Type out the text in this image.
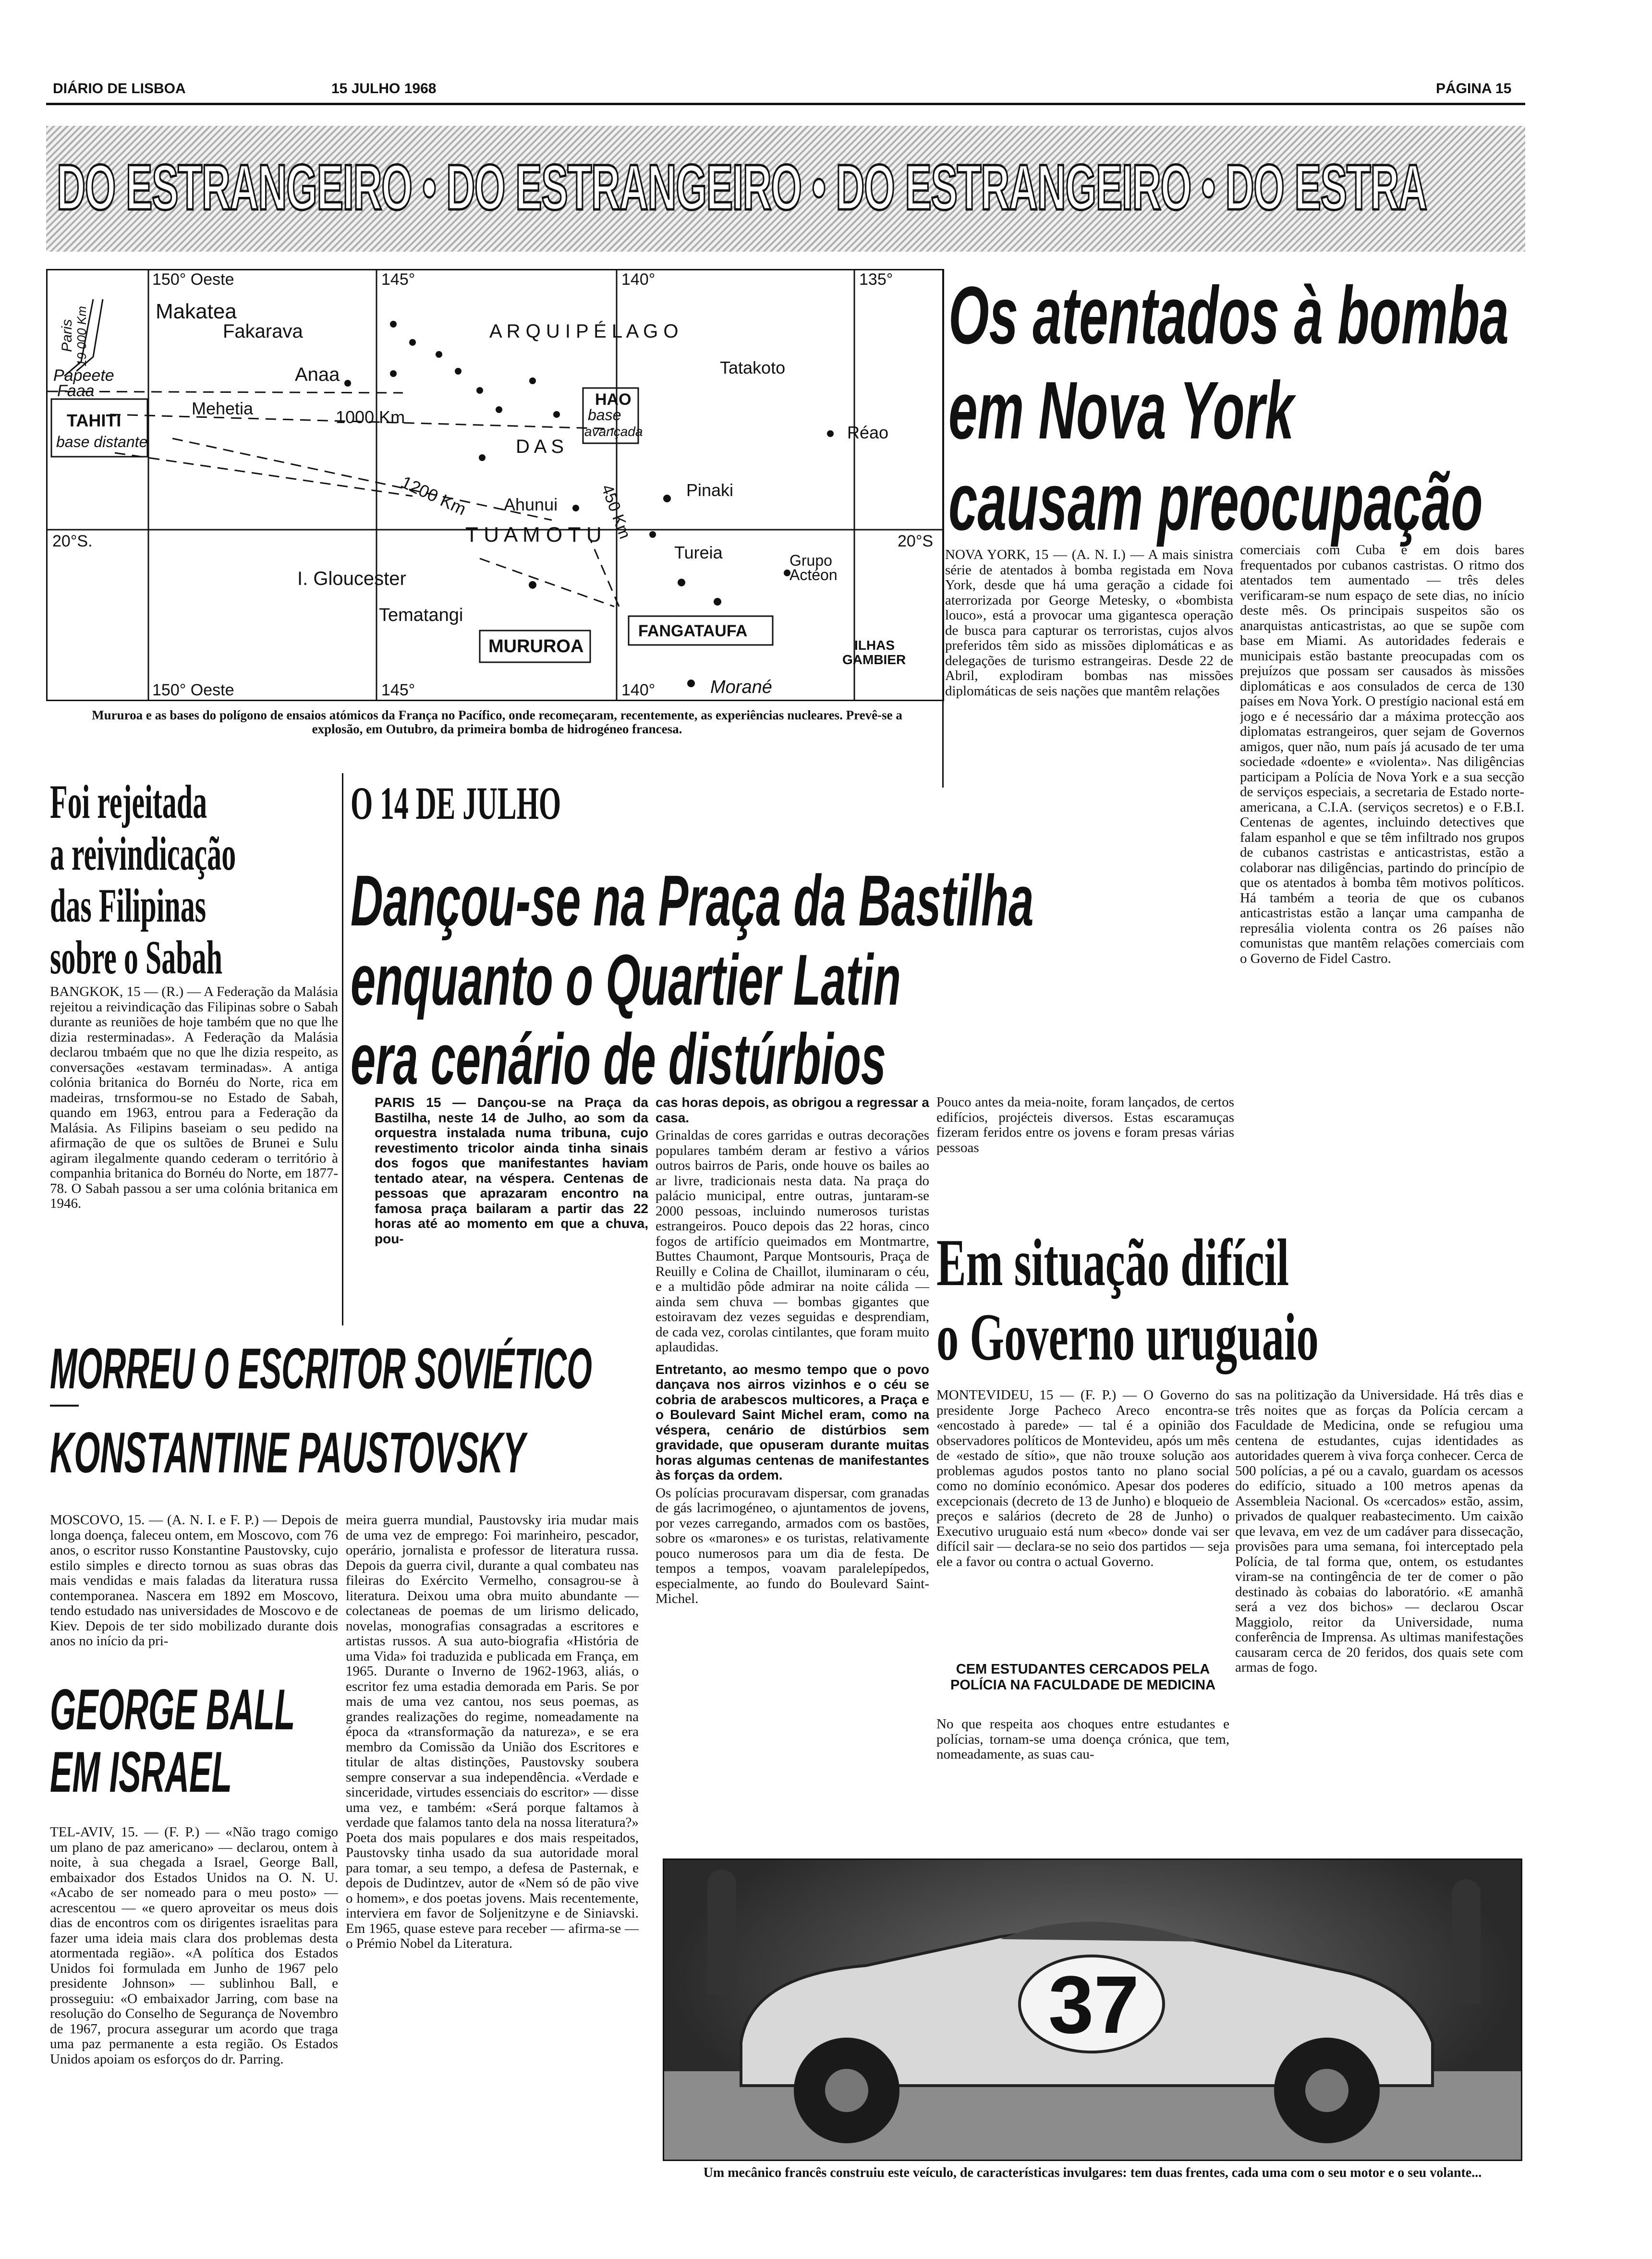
DIÁRIO DE LISBOA	15 JULHO 1968	PÁGINA 15
DO ESTRANGEIRO • DO ESTRANGEIRO • DO ESTRANGEIRO • DO ESTRA
150° Oeste	145°	140°	135°
20°S.	20°S
150° Oeste	145°	140°
Makatea
Fakarava
Anaa
Mehetia
Papeete
Faaa
TAHITI
base distante
1000 Km
1200 Km	450 Km
A R Q U I P É L A G O
Tatakoto
HAO
base
avançada
D A S
Réao
Ahunui
Pinaki
T U A M O T U
Tureia
I. Gloucester
Grupo
Actéon
Tematangi
MURUROA
FANGATAUFA
ILHAS
GAMBIER
Morané
Paris 19 000 Km
Mururoa e as bases do polígono de ensaios atómicos da França no Pacífico, onde recomeçaram, recentemente, as experiências nucleares. Prevê-se a explosão, em Outubro, da primeira bomba de hidrogéneo francesa.
Os atentados à bomba
em Nova York
causam preocupação
NOVA YORK, 15 — (A. N. I.) — A mais sinistra série de atentados à bomba registada em Nova York, desde que há uma geração a cidade foi aterrorizada por George Metesky, o «bombista louco», está a provocar uma gigantesca operação de busca para capturar os terroristas, cujos alvos preferidos têm sido as missões diplomáticas e as delegações de turismo estrangeiras. Desde 22 de Abril, explodiram bombas nas missões diplomáticas de seis nações que mantêm relações
comerciais com Cuba e em dois bares frequentados por cubanos castristas. O ritmo dos atentados tem aumentado — três deles verificaram-se num espaço de sete dias, no início deste mês. Os principais suspeitos são os anarquistas anticastristas, ao que se supõe com base em Miami. As autoridades federais e municipais estão bastante preocupadas com os prejuízos que possam ser causados às missões diplomáticas e aos consulados de cerca de 130 países em Nova York. O prestígio nacional está em jogo e é necessário dar a máxima protecção aos diplomatas estrangeiros, quer sejam de Governos amigos, quer não, num país já acusado de ter uma sociedade «doente» e «violenta». Nas diligências participam a Polícia de Nova York e a sua secção de serviços especiais, a secretaria de Estado norte-americana, a C.I.A. (serviços secretos) e o F.B.I. Centenas de agentes, incluindo detectives que falam espanhol e que se têm infiltrado nos grupos de cubanos castristas e anticastristas, estão a colaborar nas diligências, partindo do princípio de que os atentados à bomba têm motivos políticos. Há também a teoria de que os cubanos anticastristas estão a lançar uma campanha de represália violenta contra os 26 países não comunistas que mantêm relações comerciais com o Governo de Fidel Castro.
Foi rejeitada
a reivindicação
das Filipinas
sobre o Sabah
BANGKOK, 15 — (R.) — A Federação da Malásia rejeitou a reivindicação das Filipinas sobre o Sabah durante as reuniões de hoje também que no que lhe dizia resterminadas». A Federação da Malásia declarou tmbaém que no que lhe dizia respeito, as conversações «estavam terminadas». A antiga colónia britanica do Bornéu do Norte, rica em madeiras, trnsformou-se no Estado de Sabah, quando em 1963, entrou para a Federação da Malásia. As Filipins baseiam o seu pedido na afirmação de que os sultões de Brunei e Sulu agiram ilegalmente quando cederam o território à companhia britanica do Bornéu do Norte, em 1877-78. O Sabah passou a ser uma colónia britanica em 1946.
O 14 DE JULHO
Dançou-se na Praça da Bastilha
enquanto o Quartier Latin
era cenário de distúrbios
PARIS 15 — Dançou-se na Praça da Bastilha, neste 14 de Julho, ao som da orquestra instalada numa tribuna, cujo revestimento tricolor ainda tinha sinais dos fogos que manifestantes haviam tentado atear, na véspera. Centenas de pessoas que aprazaram encontro na famosa praça bailaram a partir das 22 horas até ao momento em que a chuva, pou-
cas horas depois, as obrigou a regressar a casa.
Grinaldas de cores garridas e outras decorações populares também deram ar festivo a vários outros bairros de Paris, onde houve os bailes ao ar livre, tradicionais nesta data. Na praça do palácio municipal, entre outras, juntaram-se 2000 pessoas, incluindo numerosos turistas estrangeiros. Pouco depois das 22 horas, cinco fogos de artifício queimados em Montmartre, Buttes Chaumont, Parque Montsouris, Praça de Reuilly e Colina de Chaillot, iluminaram o céu, e a multidão pôde admirar na noite cálida — ainda sem chuva — bombas gigantes que estoiravam dez vezes seguidas e desprendiam, de cada vez, corolas cintilantes, que foram muito aplaudidas.
Entretanto, ao mesmo tempo que o povo dançava nos airros vizinhos e o céu se cobria de arabescos multicores, a Praça e o Boulevard Saint Michel eram, como na véspera, cenário de distúrbios sem gravidade, que opuseram durante muitas horas algumas centenas de manifestantes às forças da ordem.
Os polícias procuravam dispersar, com granadas de gás lacrimogéneo, o ajuntamentos de jovens, por vezes carregando, armados com os bastões, sobre os «marones» e os turistas, relativamente pouco numerosos para um dia de festa. De tempos a tempos, voavam paralelepípedos, especialmente, ao fundo do Boulevard Saint-Michel.
Pouco antes da meia-noite, foram lançados, de certos edifícios, projécteis diversos. Estas escaramuças fizeram feridos entre os jovens e foram presas várias pessoas
MORREU O ESCRITOR SOVIÉTICO
KONSTANTINE PAUSTOVSKY
MOSCOVO, 15. — (A. N. I. e F. P.) — Depois de longa doença, faleceu ontem, em Moscovo, com 76 anos, o escritor russo Konstantine Paustovsky, cujo estilo simples e directo tornou as suas obras das mais vendidas e mais faladas da literatura russa contemporanea. Nascera em 1892 em Moscovo, tendo estudado nas universidades de Moscovo e de Kiev. Depois de ter sido mobilizado durante dois anos no início da pri-
meira guerra mundial, Paustovsky iria mudar mais de uma vez de emprego: Foi marinheiro, pescador, operário, jornalista e professor de literatura russa. Depois da guerra civil, durante a qual combateu nas fileiras do Exército Vermelho, consagrou-se à literatura. Deixou uma obra muito abundante — colectaneas de poemas de um lirismo delicado, novelas, monografias consagradas a escritores e artistas russos. A sua auto-biografia «História de uma Vida» foi traduzida e publicada em França, em 1965. Durante o Inverno de 1962-1963, aliás, o escritor fez uma estadia demorada em Paris. Se por mais de uma vez cantou, nos seus poemas, as grandes realizações do regime, nomeadamente na época da «transformação da natureza», e se era membro da Comissão da União dos Escritores e titular de altas distinções, Paustovsky soubera sempre conservar a sua independência. «Verdade e sinceridade, virtudes essenciais do escritor» — disse uma vez, e também: «Será porque faltamos à verdade que falamos tanto dela na nossa literatura?» Poeta dos mais populares e dos mais respeitados, Paustovsky tinha usado da sua autoridade moral para tomar, a seu tempo, a defesa de Pasternak, e depois de Dudintzev, autor de «Nem só de pão vive o homem», e dos poetas jovens. Mais recentemente, interviera em favor de Soljenitzyne e de Siniavski. Em 1965, quase esteve para receber — afirma-se — o Prémio Nobel da Literatura.
GEORGE BALL
EM ISRAEL
TEL-AVIV, 15. — (F. P.) — «Não trago comigo um plano de paz americano» — declarou, ontem à noite, à sua chegada a Israel, George Ball, embaixador dos Estados Unidos na O. N. U. «Acabo de ser nomeado para o meu posto» — acrescentou — «e quero aproveitar os meus dois dias de encontros com os dirigentes israelitas para fazer uma ideia mais clara dos problemas desta atormentada região». «A política dos Estados Unidos foi formulada em Junho de 1967 pelo presidente Johnson» — sublinhou Ball, e prosseguiu: «O embaixador Jarring, com base na resolução do Conselho de Segurança de Novembro de 1967, procura assegurar um acordo que traga uma paz permanente a esta região. Os Estados Unidos apoiam os esforços do dr. Parring.
Em situação difícil
o Governo uruguaio
MONTEVIDEU, 15 — (F. P.) — O Governo do presidente Jorge Pacheco Areco encontra-se «encostado à parede» — tal é a opinião dos observadores políticos de Montevideu, após um mês de «estado de sítio», que não trouxe solução aos problemas agudos postos tanto no plano social como no domínio económico. Apesar dos poderes excepcionais (decreto de 13 de Junho) e bloqueio de preços e salários (decreto de 28 de Junho) o Executivo uruguaio está num «beco» donde vai ser difícil sair — declara-se no seio dos partidos — seja ele a favor ou contra o actual Governo.
CEM ESTUDANTES CERCADOS PELA POLÍCIA NA FACULDADE DE MEDICINA
No que respeita aos choques entre estudantes e polícias, tornam-se uma doença crónica, que tem, nomeadamente, as suas cau-
sas na politização da Universidade. Há três dias e três noites que as forças da Polícia cercam a Faculdade de Medicina, onde se refugiou uma centena de estudantes, cujas identidades as autoridades querem à viva força conhecer. Cerca de 500 polícias, a pé ou a cavalo, guardam os acessos do edifício, situado a 100 metros apenas da Assembleia Nacional. Os «cercados» estão, assim, privados de qualquer reabastecimento. Um caixão que levava, em vez de um cadáver para dissecação, provisões para uma semana, foi interceptado pela Polícia, de tal forma que, ontem, os estudantes viram-se na contingência de ter de comer o pão destinado às cobaias do laboratório. «E amanhã será a vez dos bichos» — declarou Oscar Maggiolo, reitor da Universidade, numa conferência de Imprensa. As ultimas manifestações causaram cerca de 20 feridos, dos quais sete com armas de fogo.
37
Um mecânico francês construiu este veículo, de características invulgares: tem duas frentes, cada uma com o seu motor e o seu volante...
